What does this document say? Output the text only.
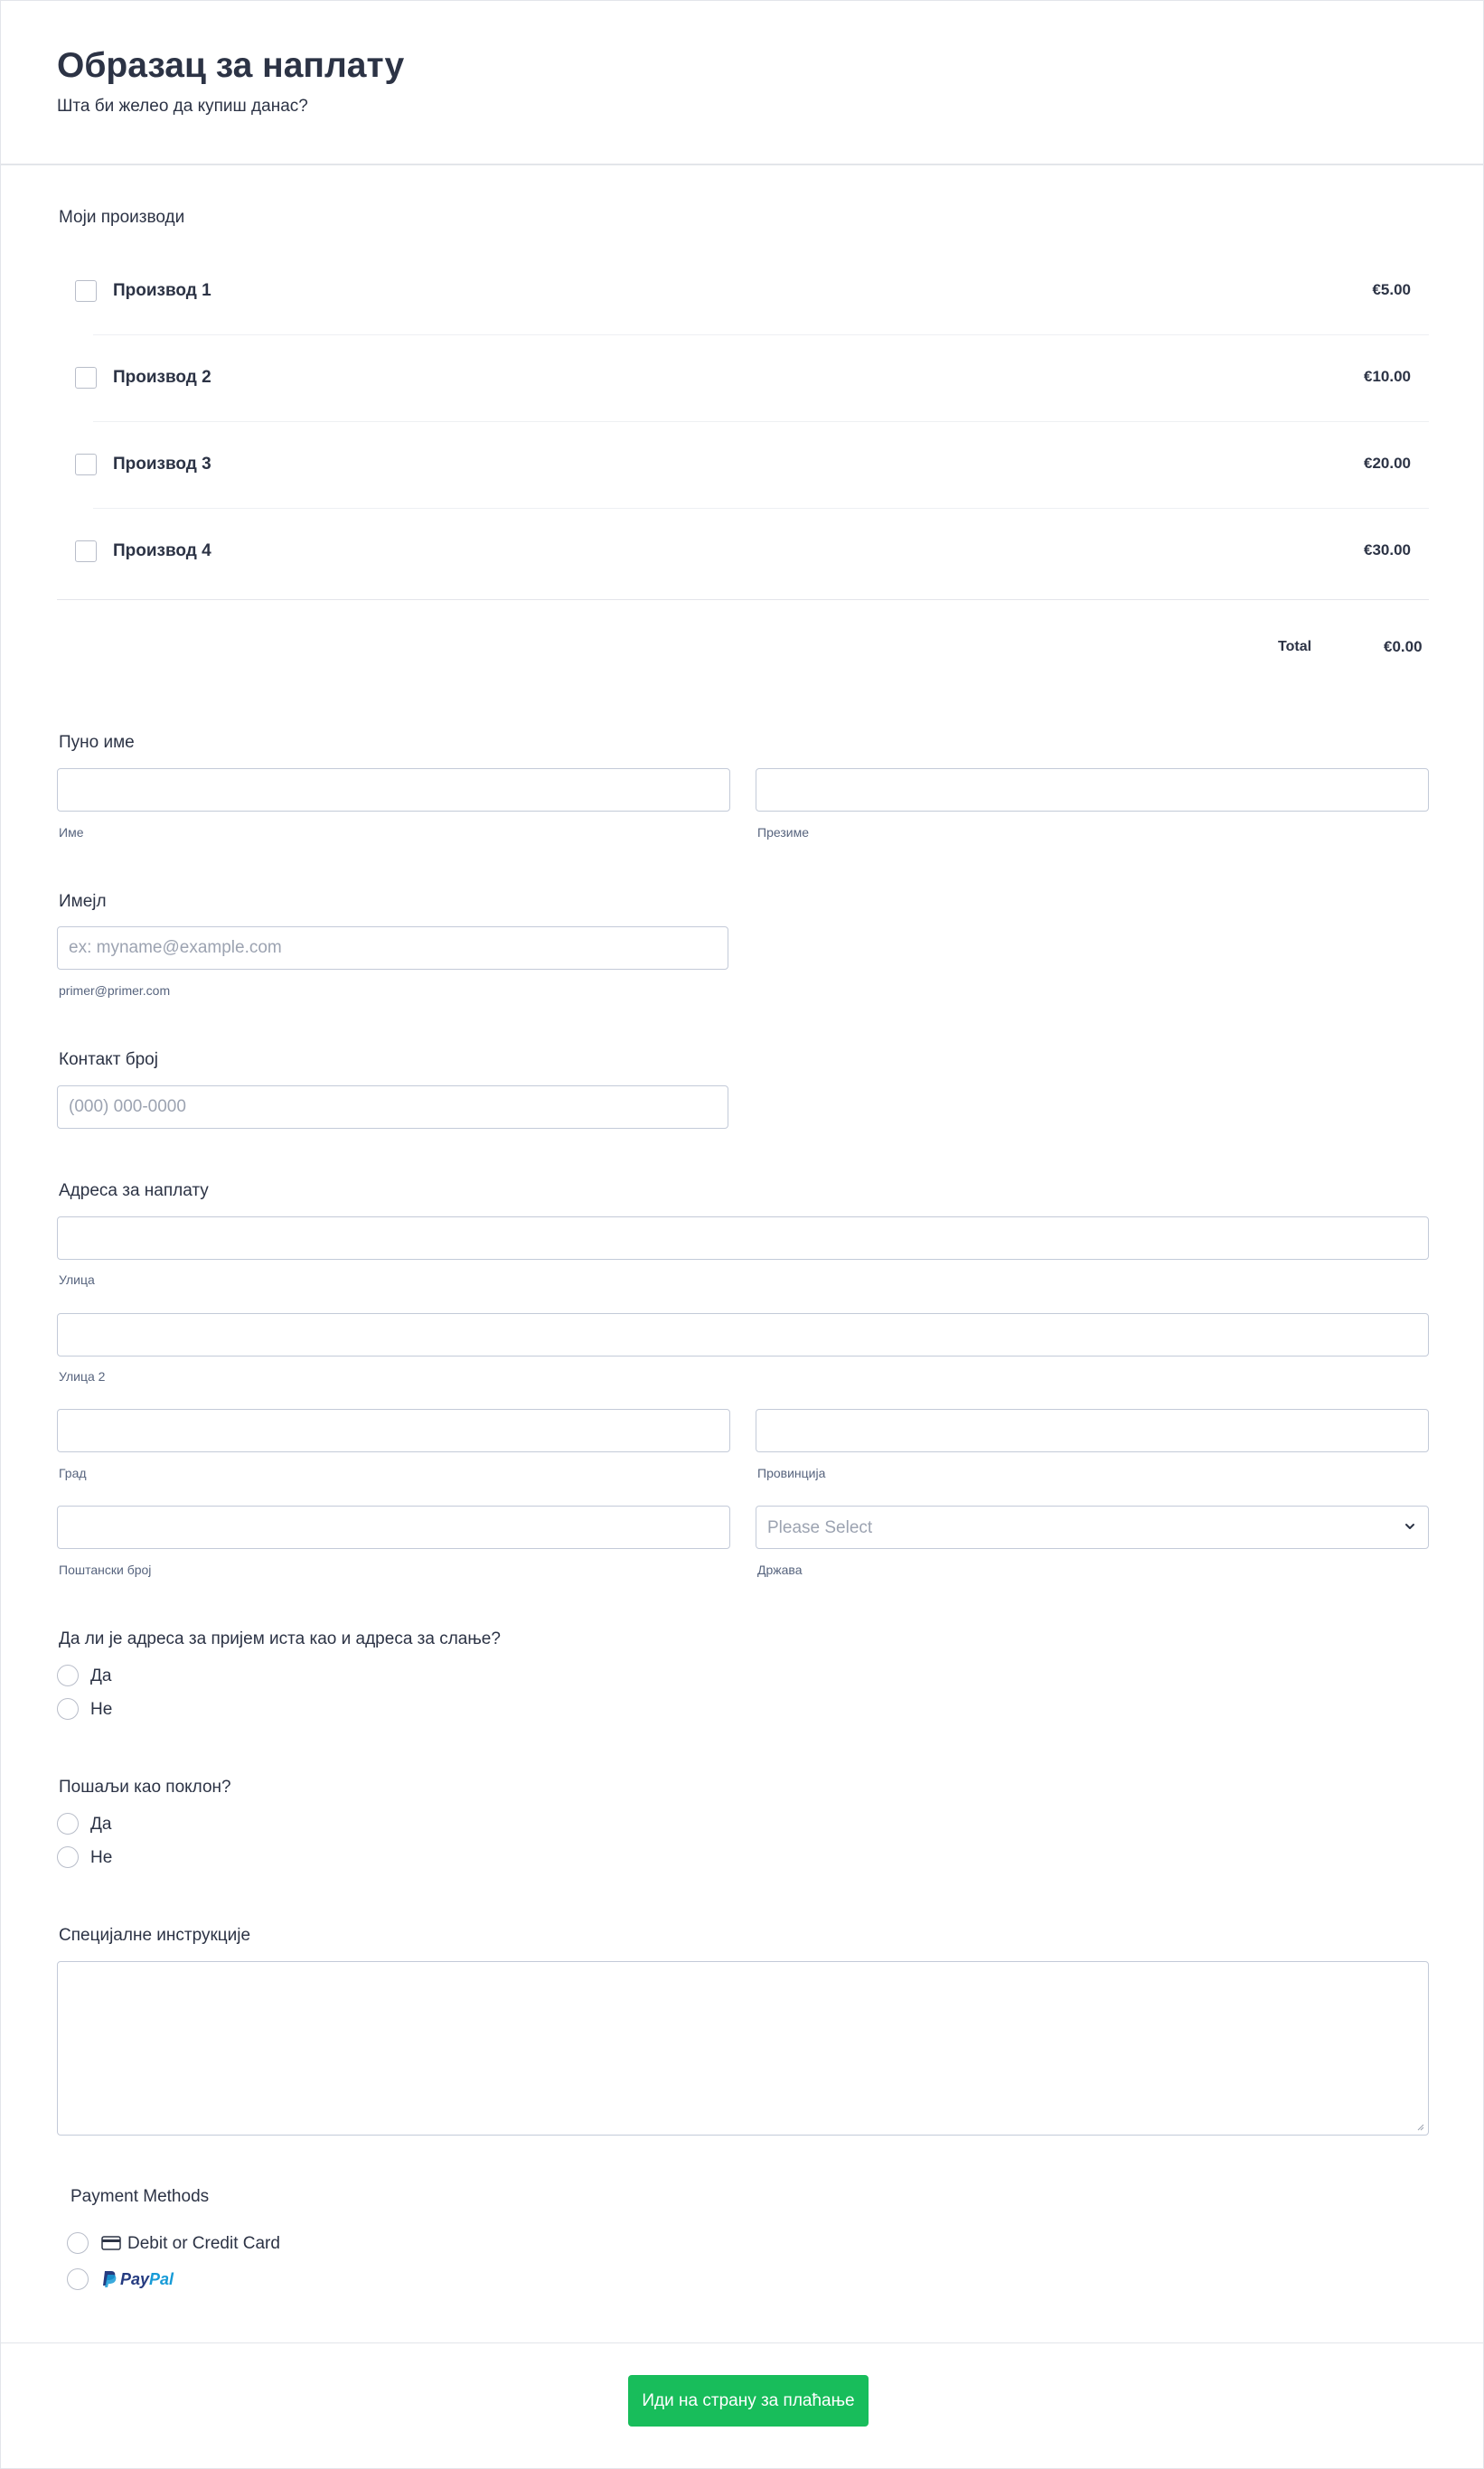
Образац за наплату
Шта би желео да купиш данас?
Моји производи
Производ 1	€5.00
Производ 2	€10.00
Производ 3	€20.00
Производ 4	€30.00
Total	€0.00
Пуно име
Име	Презиме
Имејл
ex: myname@example.com
primer@primer.com
Контакт број
(000) 000-0000
Адреса за наплату
Улица
Улица 2
Град	Провинција
Please Select
Поштански број	Држава
Да ли је адреса за пријем иста као и адреса за слање?
Да
Не
Пошаљи као поклон?
Да
Не
Специјалне инструкције
Payment Methods
Debit or Credit Card
PayPal
Иди на страну за плаћање
